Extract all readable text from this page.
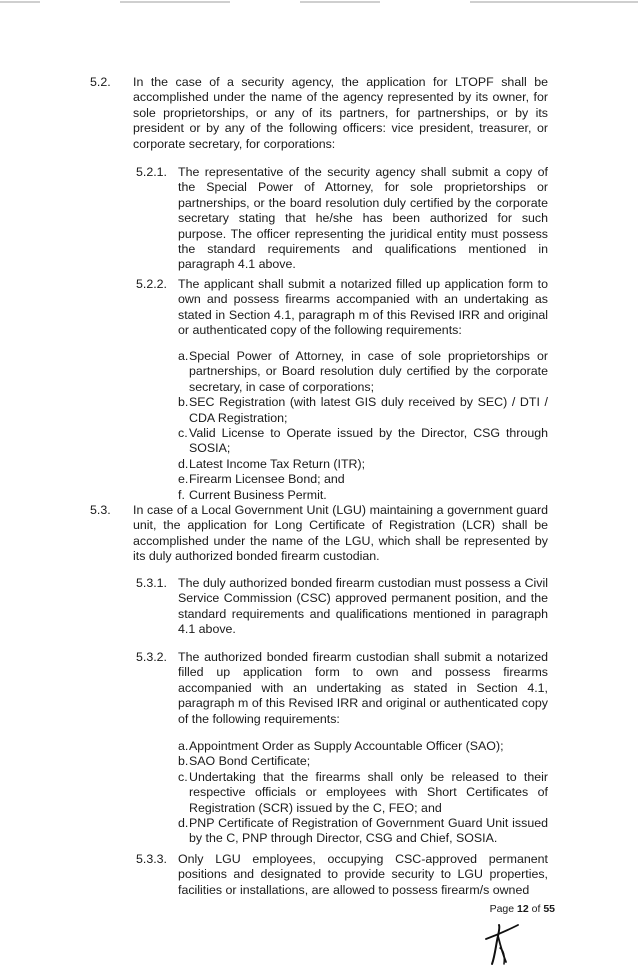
5.2. In the case of a security agency, the application for LTOPF shall be accomplished under the name of the agency represented by its owner, for sole proprietorships, or any of its partners, for partnerships, or by its president or by any of the following officers: vice president, treasurer, or corporate secretary, for corporations:
5.2.1. The representative of the security agency shall submit a copy of the Special Power of Attorney, for sole proprietorships or partnerships, or the board resolution duly certified by the corporate secretary stating that he/she has been authorized for such purpose. The officer representing the juridical entity must possess the standard requirements and qualifications mentioned in paragraph 4.1 above.
5.2.2. The applicant shall submit a notarized filled up application form to own and possess firearms accompanied with an undertaking as stated in Section 4.1, paragraph m of this Revised IRR and original or authenticated copy of the following requirements:
a. Special Power of Attorney, in case of sole proprietorships or partnerships, or Board resolution duly certified by the corporate secretary, in case of corporations;
b. SEC Registration (with latest GIS duly received by SEC) / DTI / CDA Registration;
c. Valid License to Operate issued by the Director, CSG through SOSIA;
d. Latest Income Tax Return (ITR);
e. Firearm Licensee Bond; and
f. Current Business Permit.
5.3. In case of a Local Government Unit (LGU) maintaining a government guard unit, the application for Long Certificate of Registration (LCR) shall be accomplished under the name of the LGU, which shall be represented by its duly authorized bonded firearm custodian.
5.3.1. The duly authorized bonded firearm custodian must possess a Civil Service Commission (CSC) approved permanent position, and the standard requirements and qualifications mentioned in paragraph 4.1 above.
5.3.2. The authorized bonded firearm custodian shall submit a notarized filled up application form to own and possess firearms accompanied with an undertaking as stated in Section 4.1, paragraph m of this Revised IRR and original or authenticated copy of the following requirements:
a. Appointment Order as Supply Accountable Officer (SAO);
b. SAO Bond Certificate;
c. Undertaking that the firearms shall only be released to their respective officials or employees with Short Certificates of Registration (SCR) issued by the C, FEO; and
d. PNP Certificate of Registration of Government Guard Unit issued by the C, PNP through Director, CSG and Chief, SOSIA.
5.3.3. Only LGU employees, occupying CSC-approved permanent positions and designated to provide security to LGU properties, facilities or installations, are allowed to possess firearm/s owned
Page 12 of 55
